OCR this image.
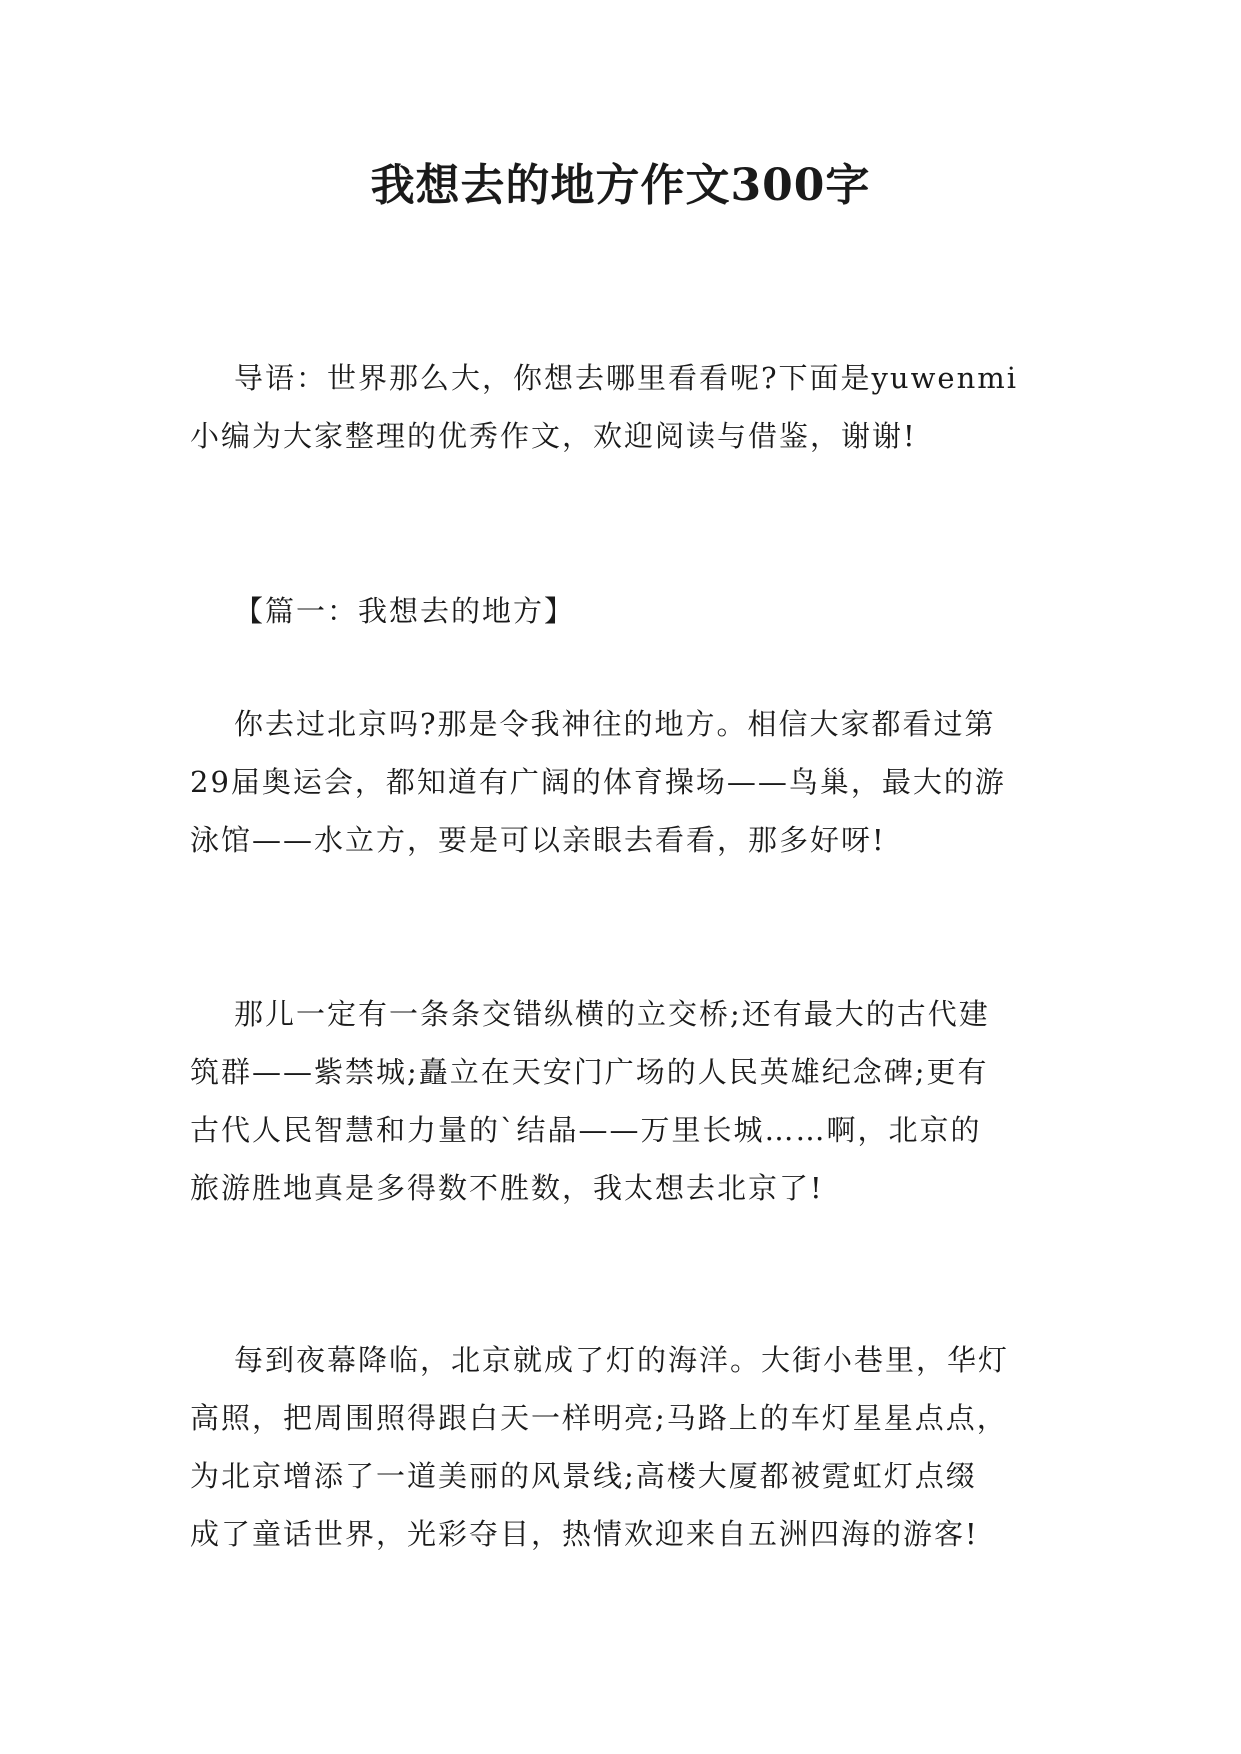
我想去的地方作文300字

导语：世界那么大，你想去哪里看看呢?下面是yuwenmi
小编为大家整理的优秀作文，欢迎阅读与借鉴，谢谢!

【篇一：我想去的地方】

你去过北京吗?那是令我神往的地方。相信大家都看过第
29届奥运会，都知道有广阔的体育操场——鸟巢，最大的游
泳馆——水立方，要是可以亲眼去看看，那多好呀!

那儿一定有一条条交错纵横的立交桥;还有最大的古代建
筑群——紫禁城;矗立在天安门广场的人民英雄纪念碑;更有
古代人民智慧和力量的`结晶——万里长城……啊，北京的
旅游胜地真是多得数不胜数，我太想去北京了!

每到夜幕降临，北京就成了灯的海洋。大街小巷里，华灯
高照，把周围照得跟白天一样明亮;马路上的车灯星星点点，
为北京增添了一道美丽的风景线;高楼大厦都被霓虹灯点缀
成了童话世界，光彩夺目，热情欢迎来自五洲四海的游客!
